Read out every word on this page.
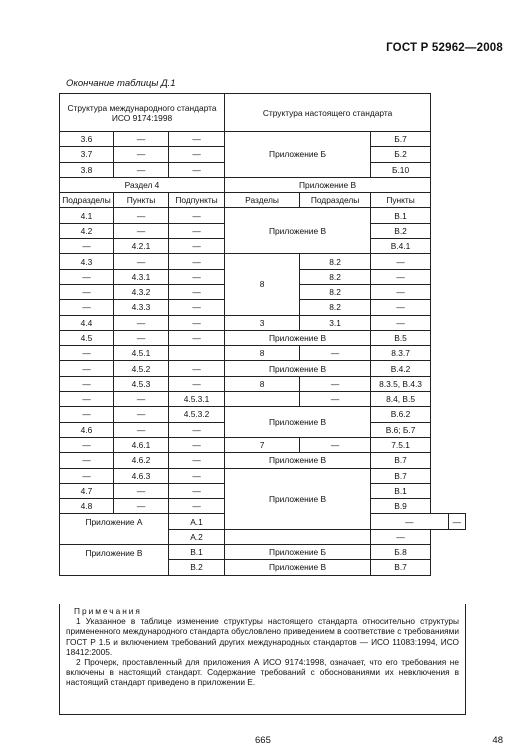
ГОСТ Р 52962—2008
Окончание таблицы Д.1
Структура международного стандарта ИСО 9174:1998			Структура настоящего стандарта			
3.6	—	—	Приложение Б		Б.7	
3.7	—	—			Б.2	
3.8	—	—			Б.10	
Раздел 4			Приложение В			
Подразделы	Пункты	Подпункты	Разделы	Подразделы	Пункты	
4.1	—	—	Приложение В		В.1	
4.2	—	—			В.2	
—	4.2.1	—			В.4.1	
4.3	—	—	8	8.2	—	
—	4.3.1	—		8.2	—	
—	4.3.2	—		8.2	—	
—	4.3.3	—		8.2	—	
4.4	—	—	3	3.1	—	
4.5	—	—	Приложение В		В.5	
—	4.5.1		8	—	8.3.7	
—	4.5.2	—	Приложение В		В.4.2	
—	4.5.3	—	8	—	8.3.5, В.4.3	
—	—	4.5.3.1		—	8.4, В.5	
—	—	4.5.3.2	Приложение В		В.6.2	
4.6	—	—			В.6; Б.7	
—	4.6.1	—	7	—	7.5.1	
—	4.6.2	—	Приложение В		В.7	
—	4.6.3	—	Приложение В		В.7	
4.7	—	—			В.1	
4.8	—	—			В.9	
Приложение А		А.1			—	—
		А.2			—	
Приложение В		В.1	Приложение Б		Б.8	
		В.2	Приложение В		В.7	
Примечания

1 Указанное в таблице изменение структуры настоящего стандарта относительно структуры примененного международного стандарта обусловлено приведением в соответствие с требованиями ГОСТ Р 1.5 и включением требований других международных стандартов — ИСО 11083:1994, ИСО 18412:2005.

2 Прочерк, проставленный для приложения А ИСО 9174:1998, означает, что его требования не включены в настоящий стандарт. Содержание требований с обоснованиями их невключения в настоящий стандарт приведено в приложении Е.

665	48
